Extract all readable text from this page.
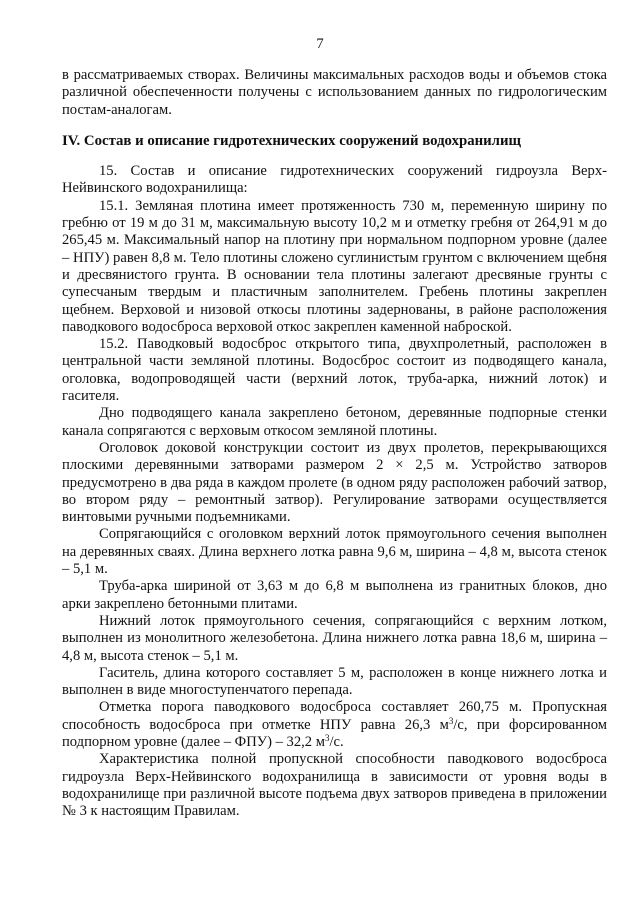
7

в рассматриваемых створах. Величины максимальных расходов воды и объемов стока различной обеспеченности получены с использованием данных по гидрологическим постам-аналогам.

IV. Состав и описание гидротехнических сооружений водохранилищ

15. Состав и описание гидротехнических сооружений гидроузла Верх-Нейвинского водохранилища:

15.1. Земляная плотина имеет протяженность 730 м, переменную ширину по гребню от 19 м до 31 м, максимальную высоту 10,2 м и отметку гребня от 264,91 м до 265,45 м. Максимальный напор на плотину при нормальном подпорном уровне (далее – НПУ) равен 8,8 м. Тело плотины сложено суглинистым грунтом с включением щебня и дресвянистого грунта. В основании тела плотины залегают дресвяные грунты с супесчаным твердым и пластичным заполнителем. Гребень плотины закреплен щебнем. Верховой и низовой откосы плотины задернованы, в районе расположения паводкового водосброса верховой откос закреплен каменной наброской.

15.2. Паводковый водосброс открытого типа, двухпролетный, расположен в центральной части земляной плотины. Водосброс состоит из подводящего канала, оголовка, водопроводящей части (верхний лоток, труба-арка, нижний лоток) и гасителя.

Дно подводящего канала закреплено бетоном, деревянные подпорные стенки канала сопрягаются с верховым откосом земляной плотины.

Оголовок доковой конструкции состоит из двух пролетов, перекрывающихся плоскими деревянными затворами размером 2 × 2,5 м. Устройство затворов предусмотрено в два ряда в каждом пролете (в одном ряду расположен рабочий затвор, во втором ряду – ремонтный затвор). Регулирование затворами осуществляется винтовыми ручными подъемниками.

Сопрягающийся с оголовком верхний лоток прямоугольного сечения выполнен на деревянных сваях. Длина верхнего лотка равна 9,6 м, ширина – 4,8 м, высота стенок – 5,1 м.

Труба-арка шириной от 3,63 м до 6,8 м выполнена из гранитных блоков, дно арки закреплено бетонными плитами.

Нижний лоток прямоугольного сечения, сопрягающийся с верхним лотком, выполнен из монолитного железобетона. Длина нижнего лотка равна 18,6 м, ширина – 4,8 м, высота стенок – 5,1 м.

Гаситель, длина которого составляет 5 м, расположен в конце нижнего лотка и выполнен в виде многоступенчатого перепада.

Отметка порога паводкового водосброса составляет 260,75 м. Пропускная способность водосброса при отметке НПУ равна 26,3 $м^3/с$, при форсированном подпорном уровне (далее – ФПУ) – 32,2 $м^3/с$.

Характеристика полной пропускной способности паводкового водосброса гидроузла Верх-Нейвинского водохранилища в зависимости от уровня воды в водохранилище при различной высоте подъема двух затворов приведена в приложении № 3 к настоящим Правилам.
